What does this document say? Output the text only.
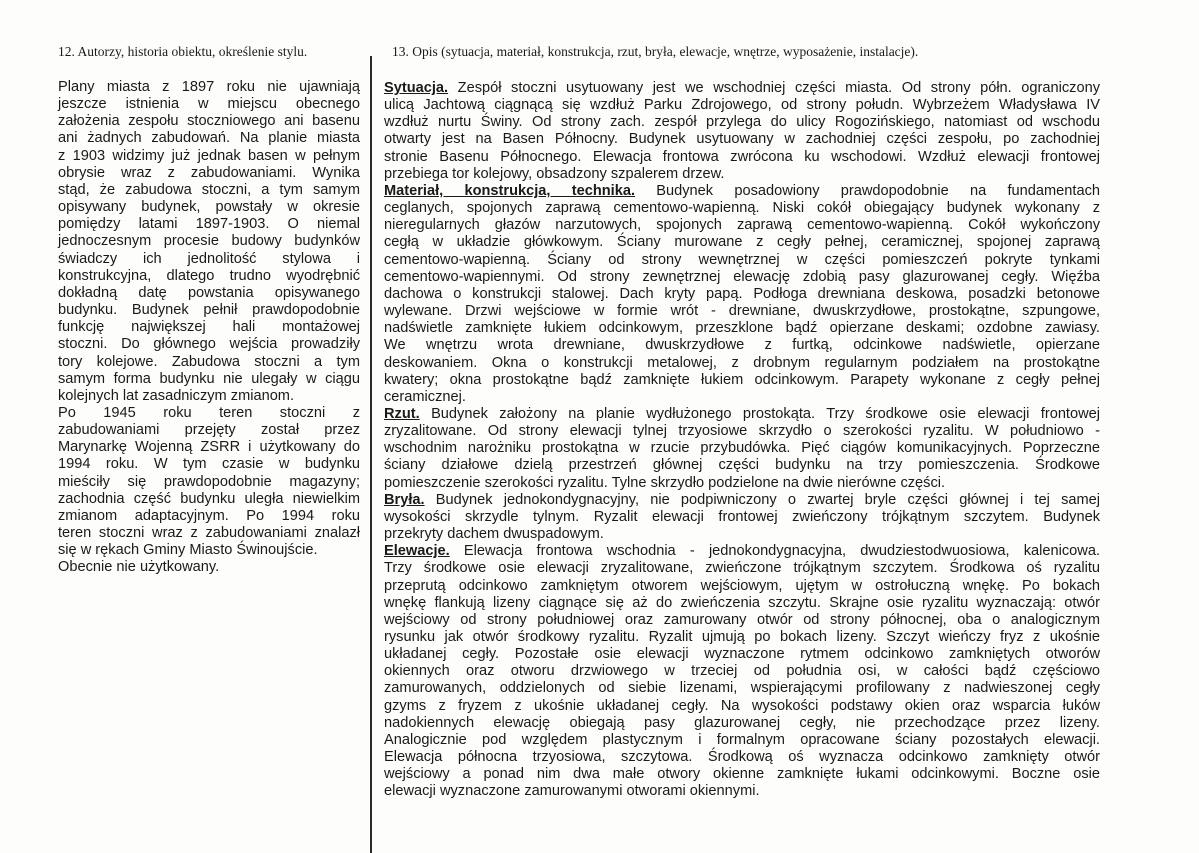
12. Autorzy, historia obiektu, określenie stylu.	13. Opis (sytuacja, materiał, konstrukcja, rzut, bryła, elewacje, wnętrze, wyposażenie, instalacje).
Plany miasta z 1897 roku nie ujawniają
jeszcze istnienia w miejscu obecnego
założenia zespołu stoczniowego ani basenu
ani żadnych zabudowań. Na planie miasta
z 1903 widzimy już jednak basen w pełnym
obrysie wraz z zabudowaniami. Wynika
stąd, że zabudowa stoczni, a tym samym
opisywany budynek, powstały w okresie
pomiędzy latami 1897-1903. O niemal
jednoczesnym procesie budowy budynków
świadczy ich jednolitość stylowa i
konstrukcyjna, dlatego trudno wyodrębnić
dokładną datę powstania opisywanego
budynku. Budynek pełnił prawdopodobnie
funkcję największej hali montażowej
stoczni. Do głównego wejścia prowadziły
tory kolejowe. Zabudowa stoczni a tym
samym forma budynku nie ulegały w ciągu
kolejnych lat zasadniczym zmianom.
Po 1945 roku teren stoczni z
zabudowaniami przejęty został przez
Marynarkę Wojenną ZSRR i użytkowany do
1994 roku. W tym czasie w budynku
mieściły się prawdopodobnie magazyny;
zachodnia część budynku uległa niewielkim
zmianom adaptacyjnym. Po 1994 roku
teren stoczni wraz z zabudowaniami znalazł
się w rękach Gminy Miasto Świnoujście.
Obecnie nie użytkowany.
Sytuacja. Zespół stoczni usytuowany jest we wschodniej części miasta. Od strony półn. ograniczony
ulicą Jachtową ciągnącą się wzdłuż Parku Zdrojowego, od strony połudn. Wybrzeżem Władysława IV
wzdłuż nurtu Świny. Od strony zach. zespół przylega do ulicy Rogozińskiego, natomiast od wschodu
otwarty jest na Basen Północny. Budynek usytuowany w zachodniej części zespołu, po zachodniej
stronie Basenu Północnego. Elewacja frontowa zwrócona ku wschodowi. Wzdłuż elewacji frontowej
przebiega tor kolejowy, obsadzony szpalerem drzew.
Materiał, konstrukcja, technika. Budynek posadowiony prawdopodobnie na fundamentach
ceglanych, spojonych zaprawą cementowo-wapienną. Niski cokół obiegający budynek wykonany z
nieregularnych głazów narzutowych, spojonych zaprawą cementowo-wapienną. Cokół wykończony
cegłą w układzie główkowym. Ściany murowane z cegły pełnej, ceramicznej, spojonej zaprawą
cementowo-wapienną. Ściany od strony wewnętrznej w części pomieszczeń pokryte tynkami
cementowo-wapiennymi. Od strony zewnętrznej elewację zdobią pasy glazurowanej cegły. Więźba
dachowa o konstrukcji stalowej. Dach kryty papą. Podłoga drewniana deskowa, posadzki betonowe
wylewane. Drzwi wejściowe w formie wrót - drewniane, dwuskrzydłowe, prostokątne, szpungowe,
nadświetle zamknięte łukiem odcinkowym, przeszklone bądź opierzane deskami; ozdobne zawiasy.
We wnętrzu wrota drewniane, dwuskrzydłowe z furtką, odcinkowe nadświetle, opierzane
deskowaniem. Okna o konstrukcji metalowej, z drobnym regularnym podziałem na prostokątne
kwatery; okna prostokątne bądź zamknięte łukiem odcinkowym. Parapety wykonane z cegły pełnej
ceramicznej.
Rzut. Budynek założony na planie wydłużonego prostokąta. Trzy środkowe osie elewacji frontowej
zryzalitowane. Od strony elewacji tylnej trzyosiowe skrzydło o szerokości ryzalitu. W południowo -
wschodnim narożniku prostokątna w rzucie przybudówka. Pięć ciągów komunikacyjnych. Poprzeczne
ściany działowe dzielą przestrzeń głównej części budynku na trzy pomieszczenia. Środkowe
pomieszczenie szerokości ryzalitu. Tylne skrzydło podzielone na dwie nierówne części.
Bryła. Budynek jednokondygnacyjny, nie podpiwniczony o zwartej bryle części głównej i tej samej
wysokości skrzydle tylnym. Ryzalit elewacji frontowej zwieńczony trójkątnym szczytem. Budynek
przekryty dachem dwuspadowym.
Elewacje. Elewacja frontowa wschodnia - jednokondygnacyjna, dwudziestodwuosiowa, kalenicowa.
Trzy środkowe osie elewacji zryzalitowane, zwieńczone trójkątnym szczytem. Środkowa oś ryzalitu
przeprutą odcinkowo zamkniętym otworem wejściowym, ujętym w ostrołuczną wnękę. Po bokach
wnękę flankują lizeny ciągnące się aż do zwieńczenia szczytu. Skrajne osie ryzalitu wyznaczają: otwór
wejściowy od strony południowej oraz zamurowany otwór od strony północnej, oba o analogicznym
rysunku jak otwór środkowy ryzalitu. Ryzalit ujmują po bokach lizeny. Szczyt wieńczy fryz z ukośnie
układanej cegły. Pozostałe osie elewacji wyznaczone rytmem odcinkowo zamkniętych otworów
okiennych oraz otworu drzwiowego w trzeciej od południa osi, w całości bądź częściowo
zamurowanych, oddzielonych od siebie lizenami, wspierającymi profilowany z nadwieszonej cegły
gzyms z fryzem z ukośnie układanej cegły. Na wysokości podstawy okien oraz wsparcia łuków
nadokiennych elewację obiegają pasy glazurowanej cegły, nie przechodzące przez lizeny.
Analogicznie pod względem plastycznym i formalnym opracowane ściany pozostałych elewacji.
Elewacja północna trzyosiowa, szczytowa. Środkową oś wyznacza odcinkowo zamknięty otwór
wejściowy a ponad nim dwa małe otwory okienne zamknięte łukami odcinkowymi. Boczne osie
elewacji wyznaczone zamurowanymi otworami okiennymi.
